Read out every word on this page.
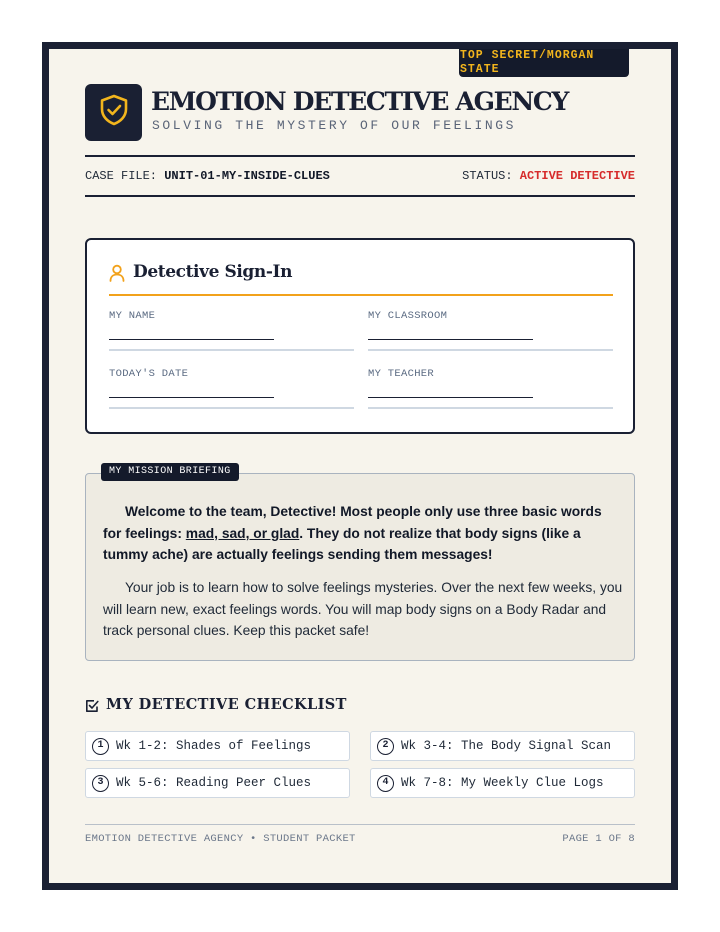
TOP SECRET/MORGAN
STATE
EMOTION DETECTIVE AGENCY
SOLVING THE MYSTERY OF OUR FEELINGS
CASE FILE: UNIT-01-MY-INSIDE-CLUES	STATUS: ACTIVE DETECTIVE
Detective Sign-In
MY NAME	MY CLASSROOM
TODAY'S DATE	MY TEACHER
MY MISSION BRIEFING

Welcome to the team, Detective! Most people only use three basic words for feelings: mad, sad, or glad. They do not realize that body signs (like a tummy ache) are actually feelings sending them messages!

Your job is to learn how to solve feelings mysteries. Over the next few weeks, you will learn new, exact feelings words. You will map body signs on a Body Radar and track personal clues. Keep this packet safe!

MY DETECTIVE CHECKLIST
1	Wk 1-2: Shades of Feelings	2	Wk 3-4: The Body Signal Scan
3	Wk 5-6: Reading Peer Clues	4	Wk 7-8: My Weekly Clue Logs
EMOTION DETECTIVE AGENCY • STUDENT PACKET	PAGE 1 OF 8
